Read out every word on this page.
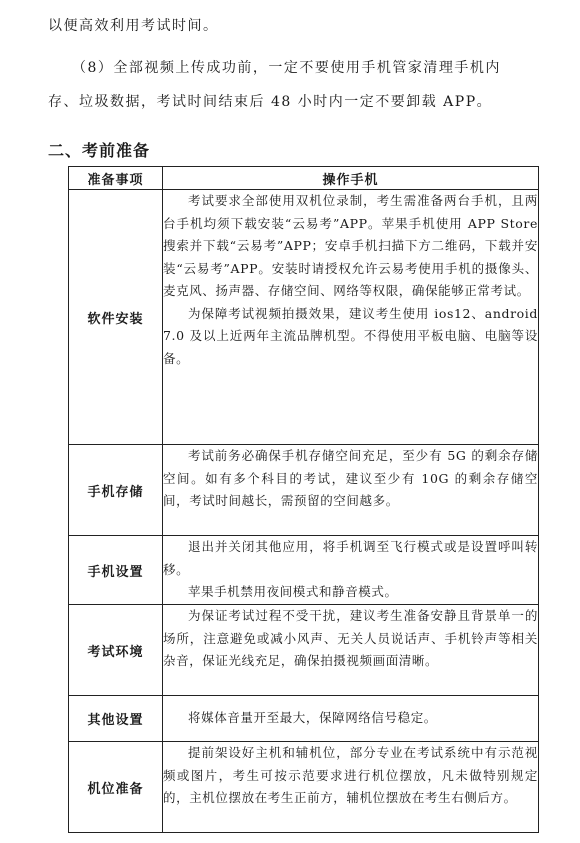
以便高效利用考试时间。
（8）全部视频上传成功前，一定不要使用手机管家清理手机内
存、垃圾数据，考试时间结束后 48 小时内一定不要卸载 APP。
二、考前准备
准备事项	操作手机
软件安装	考试要求全部使用双机位录制，考生需准备两台手机，且两台手机均须下载安装“云易考”APP。苹果手机使用 APP Store 搜索并下载“云易考”APP；安卓手机扫描下方二维码，下载并安装“云易考”APP。安装时请授权允许云易考使用手机的摄像头、麦克风、扬声器、存储空间、网络等权限，确保能够正常考试。

为保障考试视频拍摄效果，建议考生使用 ios12、android 7.0 及以上近两年主流品牌机型。不得使用平板电脑、电脑等设备。

手机存储	考试前务必确保手机存储空间充足，至少有 5G 的剩余存储空间。如有多个科目的考试，建议至少有 10G 的剩余存储空间，考试时间越长，需预留的空间越多。

手机设置	退出并关闭其他应用，将手机调至飞行模式或是设置呼叫转移。

苹果手机禁用夜间模式和静音模式。

考试环境	为保证考试过程不受干扰，建议考生准备安静且背景单一的场所，注意避免或减小风声、无关人员说话声、手机铃声等相关杂音，保证光线充足，确保拍摄视频画面清晰。

其他设置	将媒体音量开至最大，保障网络信号稳定。

机位准备	提前架设好主机和辅机位，部分专业在考试系统中有示范视频或图片，考生可按示范要求进行机位摆放，凡未做特别规定的，主机位摆放在考生正前方，辅机位摆放在考生右侧后方。
